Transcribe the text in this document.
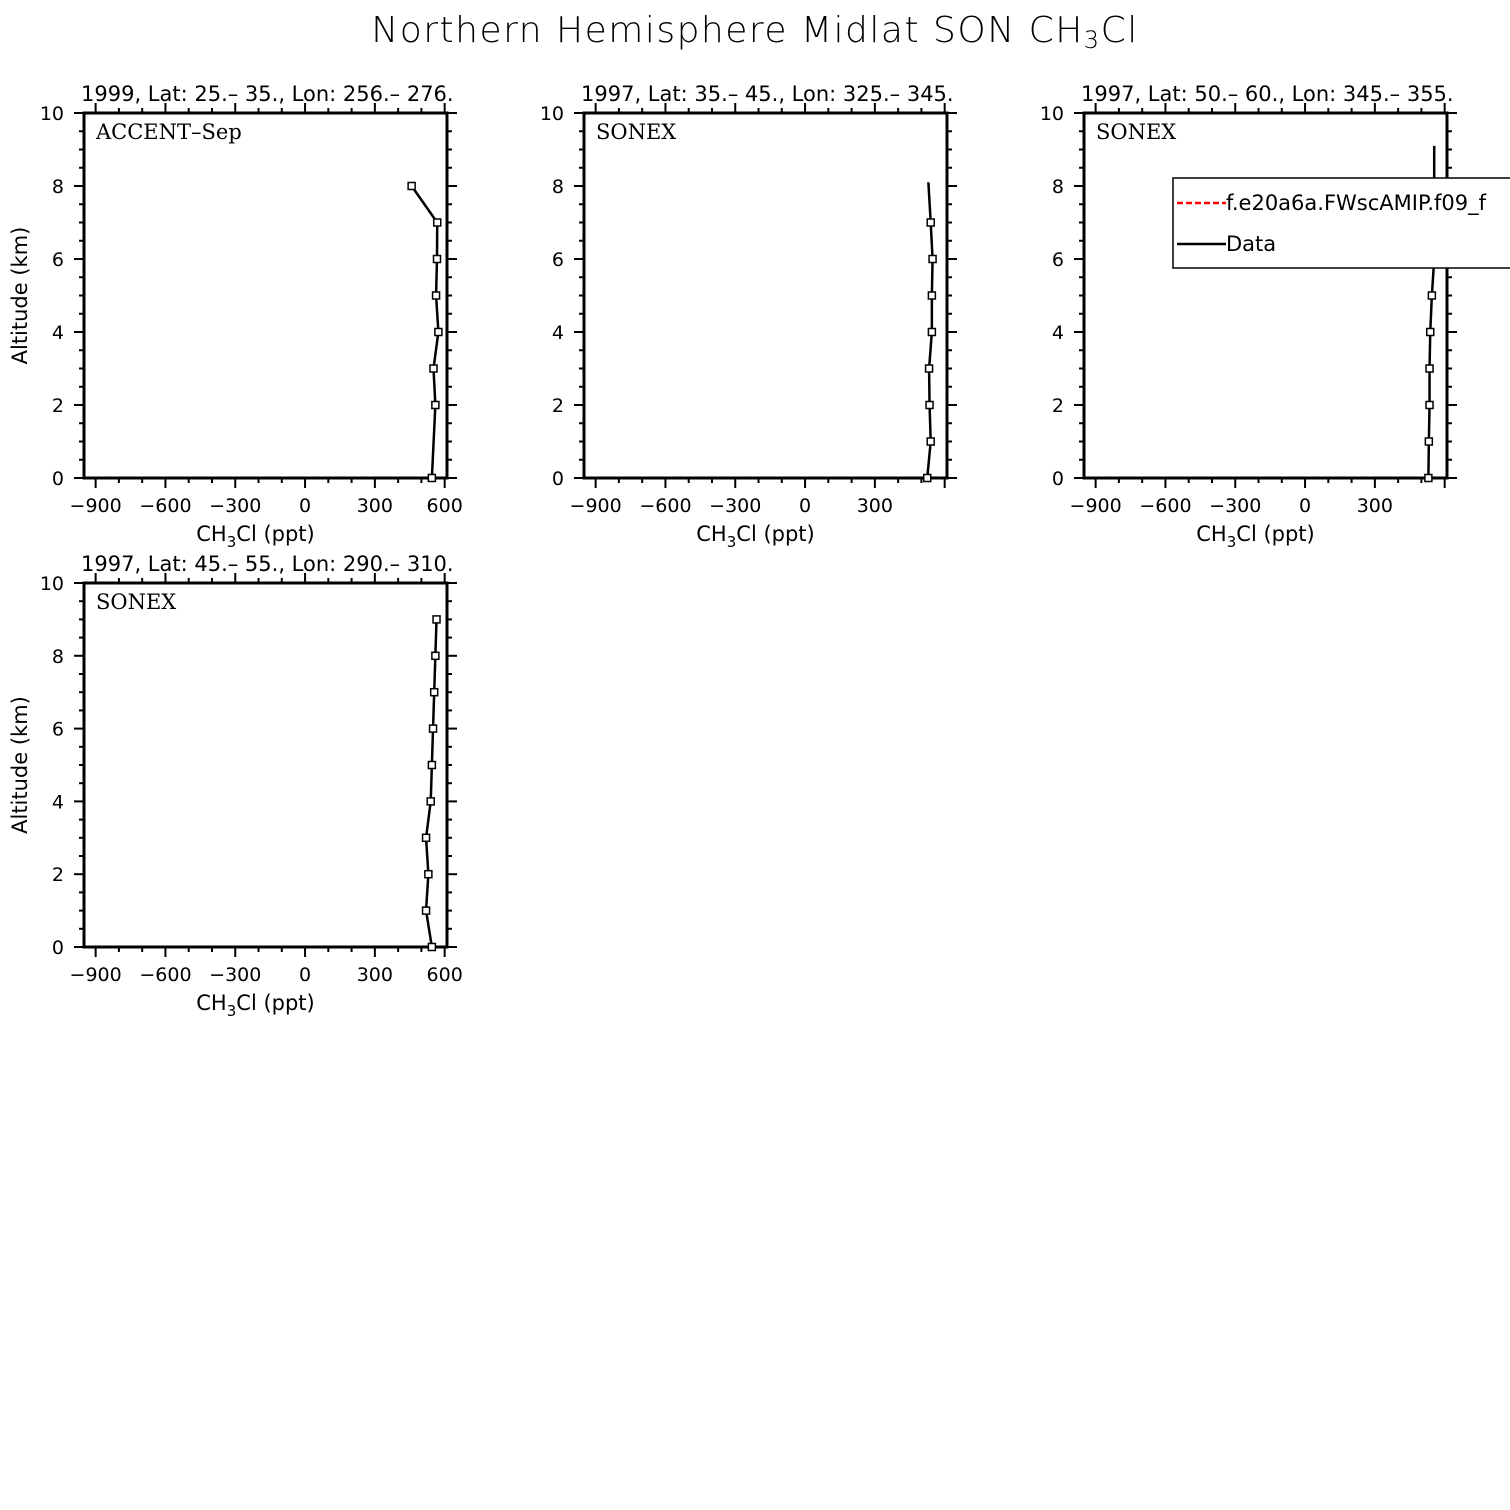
Northern Hemisphere Midlat SON $CH_3Cl$
1999, Lat: 25.– 35., Lon: 256.– 276.
ACCENT–Sep
−900 −600 −300 0 300 600
0
2
4
6
8
10
$CH_3Cl$ (ppt)
Altitude (km)
1997, Lat: 35.– 45., Lon: 325.– 345.
SONEX
−900 −600 −300 0 300
0
2
4
6
8
10
$CH_3Cl$ (ppt)
1997, Lat: 50.– 60., Lon: 345.– 355.
SONEX
−900 −600 −300 0 300
0
2
4
6
8
10
$CH_3Cl$ (ppt)
f.e20a6a.FWscAMIP.f09_f
Data
1997, Lat: 45.– 55., Lon: 290.– 310.
SONEX
−900 −600 −300 0 300 600
0
2
4
6
8
10
$CH_3Cl$ (ppt)
Altitude (km)
